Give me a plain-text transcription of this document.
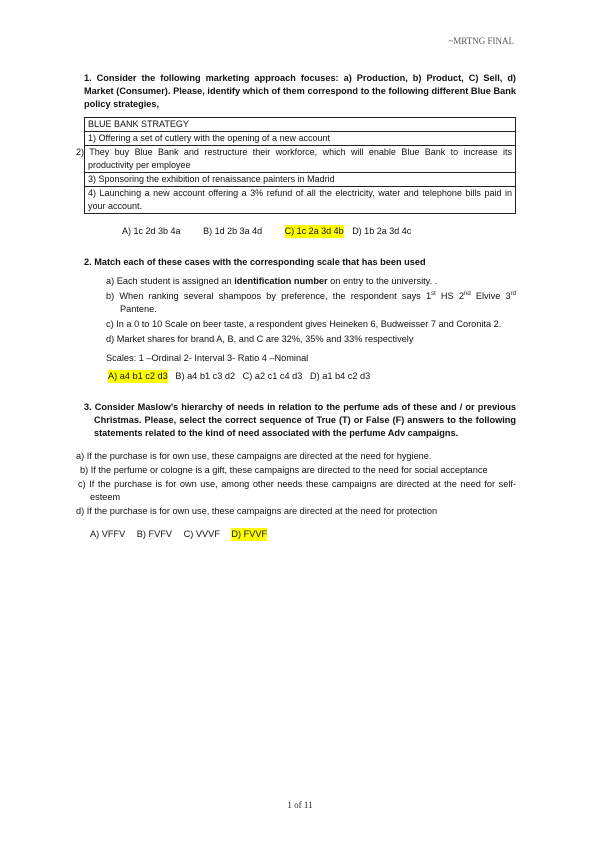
~MRTNG FINAL

1. Consider the following marketing approach focuses: a) Production, b) Product, C) Sell, d) Market (Consumer). Please, identify which of them correspond to the following different Blue Bank policy strategies,

BLUE BANK STRATEGY
1) Offering a set of cutlery with the opening of a new account
2) They buy Blue Bank and restructure their workforce, which will enable Blue Bank to increase its productivity per employee
3) Sponsoring the exhibition of renaissance painters in Madrid
4) Launching a new account offering a 3% refund of all the electricity, water and telephone bills paid in your account.
A) 1c 2d 3b 4a	B) 1d 2b 3a 4d	C) 1c 2a 3d 4b D) 1b 2a 3d 4c

2. Match each of these cases with the corresponding scale that has been used

a) Each student is assigned an identification number on entry to the university. .

b) When ranking several shampoos by preference, the respondent says 1st HS 2nd Elvive 3rd Pantene.

c) In a 0 to 10 Scale on beer taste, a respondent gives Heineken 6, Budweisser 7 and Coronita 2.

d) Market shares for brand A, B, and C are 32%, 35% and 33% respectively

Scales: 1 –Ordinal 2- Interval 3- Ratio 4 –Nominal
A) a4 b1 c2 d3 B) a4 b1 c3 d2 C) a2 c1 c4 d3 D) a1 b4 c2 d3

3. Consider Maslow's hierarchy of needs in relation to the perfume ads of these and / or previous Christmas. Please, select the correct sequence of True (T) or False (F) answers to the following statements related to the kind of need associated with the perfume Adv campaigns.

a) If the purchase is for own use, these campaigns are directed at the need for hygiene.

b) If the perfume or cologne is a gift, these campaigns are directed to the need for social acceptance

c) If the purchase is for own use, among other needs these campaigns are directed at the need for self-esteem

d) If the purchase is for own use, these campaigns are directed at the need for protection

A) VFFV B) FVFV C) VVVF D) FVVF
1 of 11
